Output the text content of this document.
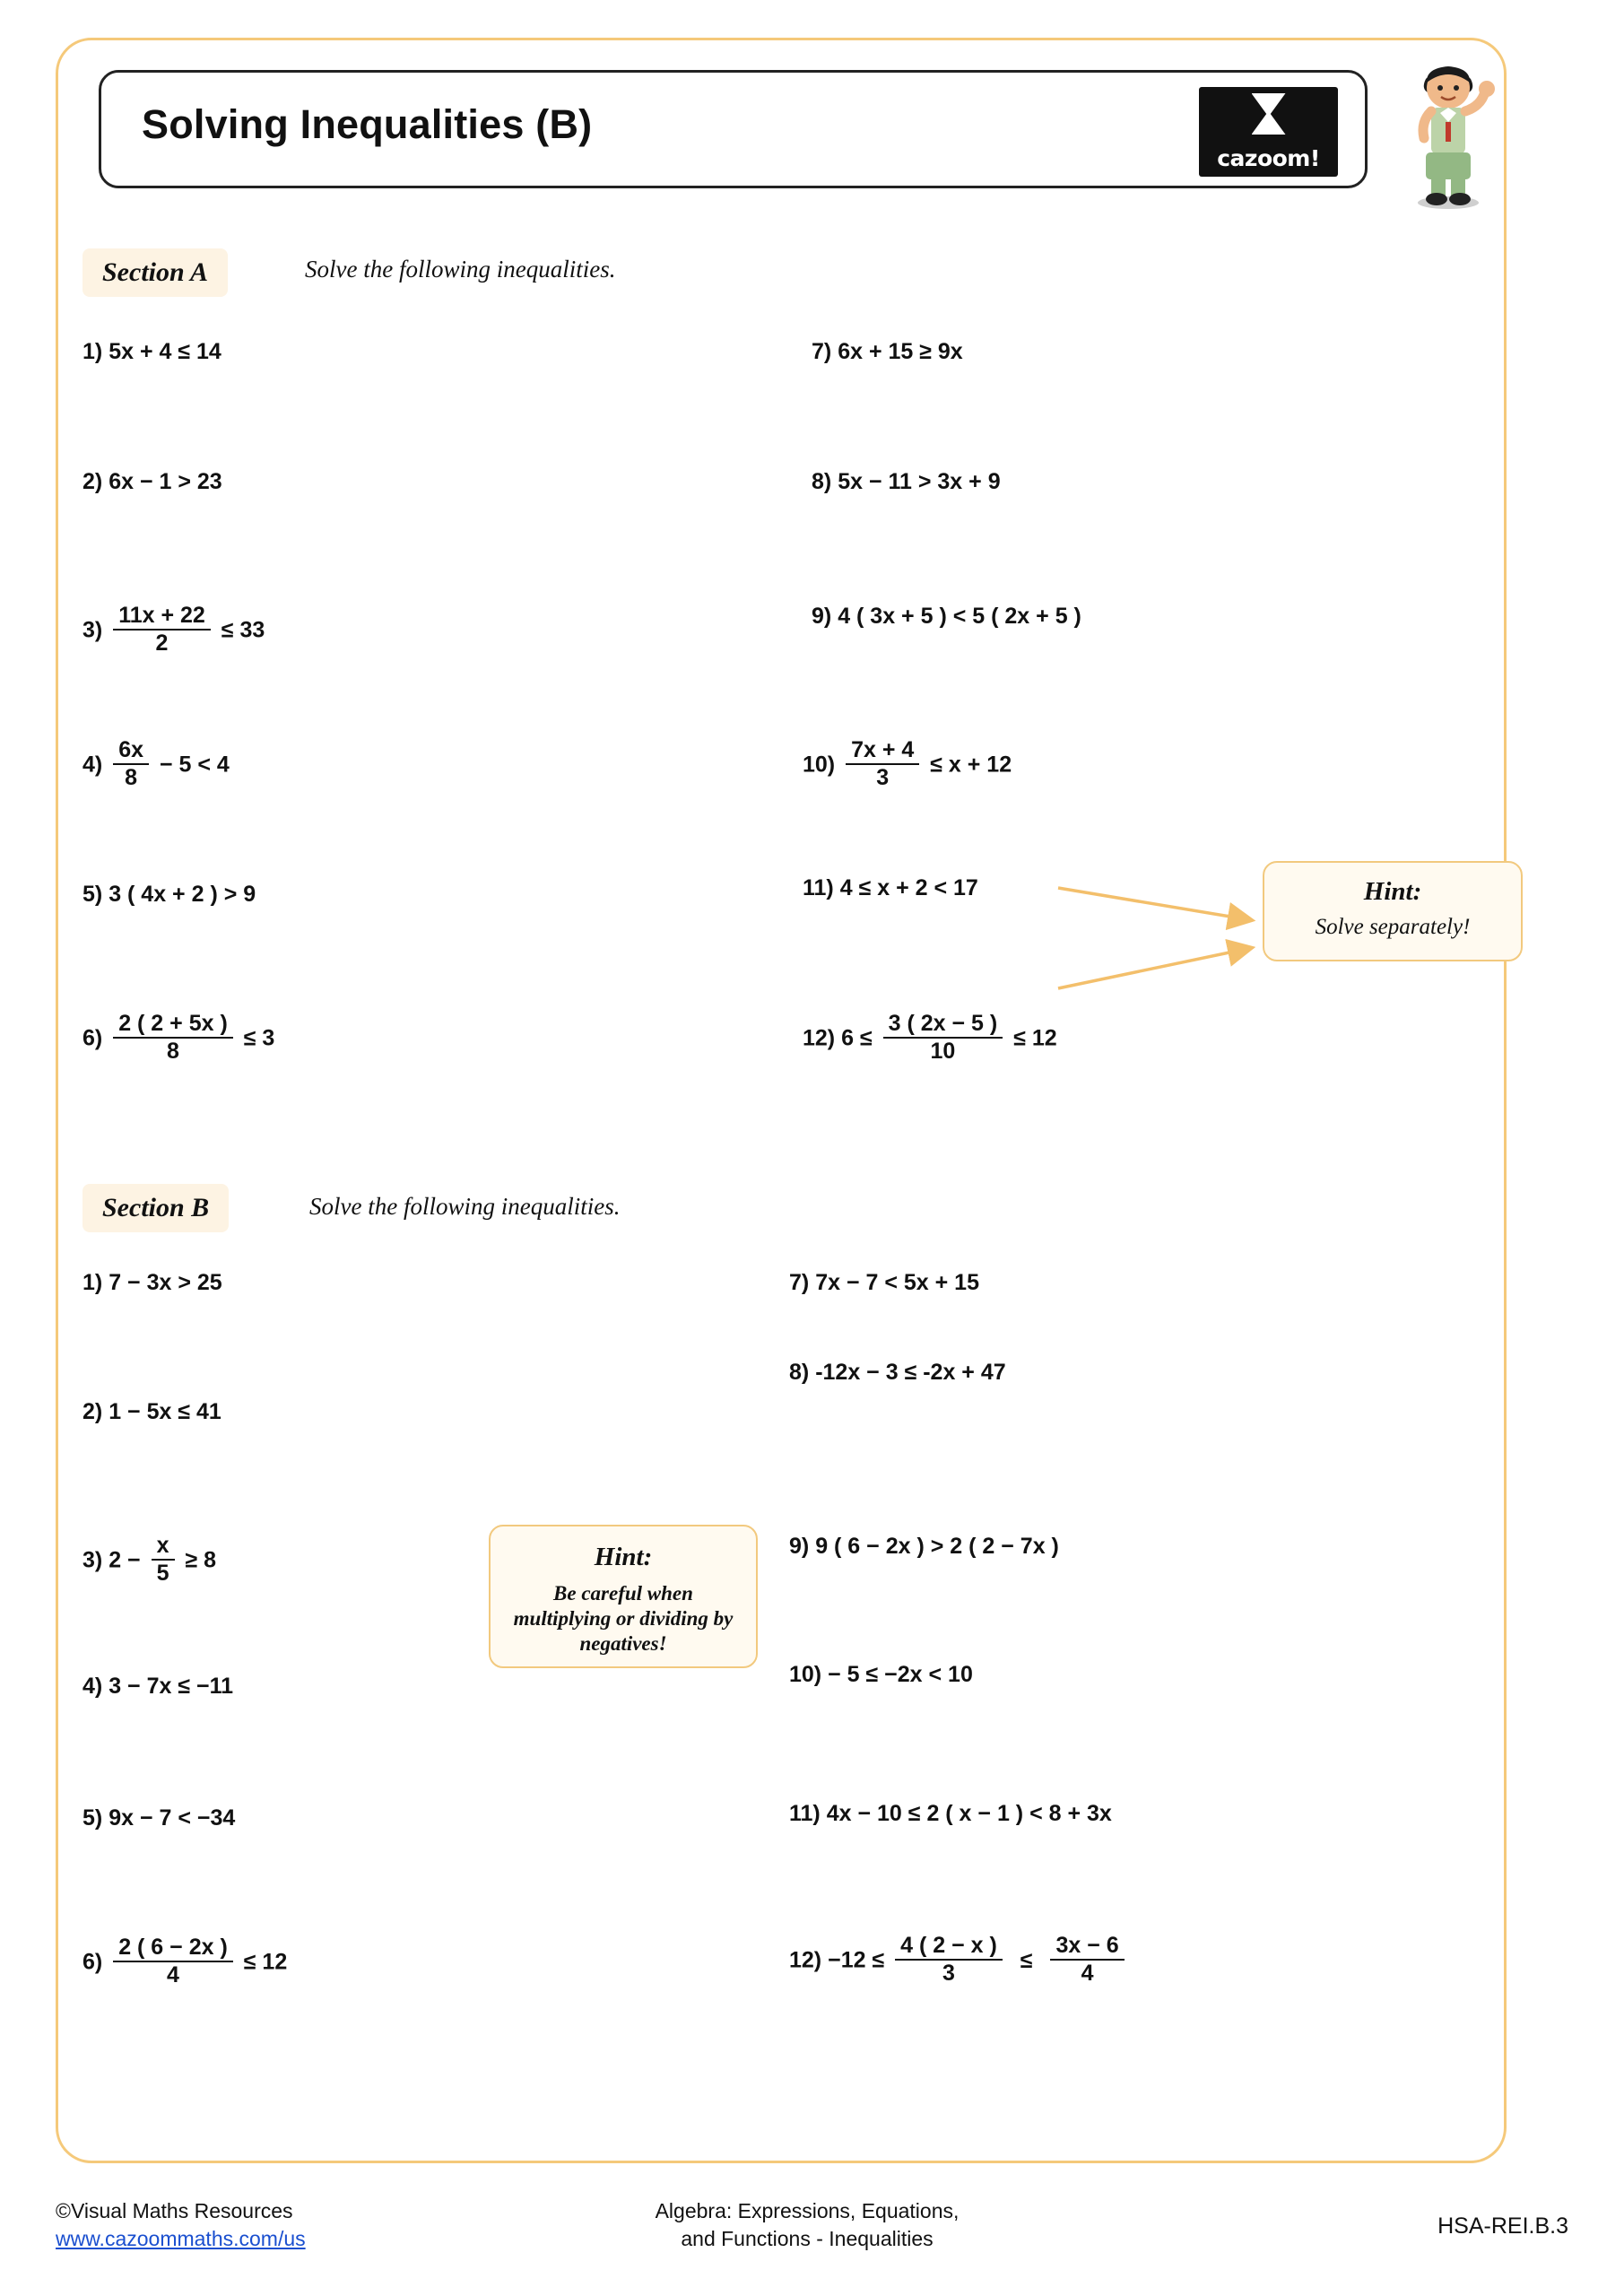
Solving Inequalities (B)
cazoom!
Section A	Solve the following inequalities.
1) 5x + 4 ≤ 14
2) 6x − 1 > 23
$3) \frac{11x + 22}{2} \le 33$
$4) \frac{6x}{8} - 5 < 4$
5) 3 ( 4x + 2 ) > 9
$6) \frac{2 ( 2 + 5x )}{8} \le 3$
7) 6x + 15 ≥ 9x
8) 5x − 11 > 3x + 9
9) 4 ( 3x + 5 ) < 5 ( 2x + 5 )
$10) \frac{7x + 4}{3} \le x + 12$
11) 4 ≤ x + 2 < 17
12) $6 \le \frac{3 ( 2x - 5 )}{10} \le 12$
Hint:
Solve separately!
Section B	Solve the following inequalities.
1) 7 − 3x > 25
2) 1 − 5x ≤ 41
3) $2 - \frac{x}{5} \ge 8$
4) 3 − 7x ≤ −11
5) 9x − 7 < −34
$6) \frac{2 ( 6 - 2x )}{4} \le 12$
Hint:
Be careful when multiplying or dividing by negatives!
7) 7x − 7 < 5x + 15
8) -12x − 3 ≤ -2x + 47
9) 9 ( 6 − 2x ) > 2 ( 2 − 7x )
10) − 5 ≤ −2x < 10
11) 4x − 10 ≤ 2 ( x − 1 ) < 8 + 3x
$12) -12 \le \frac{4 ( 2 - x )}{3} \le \frac{3x - 6}{4}$
©Visual Maths Resources
www.cazoommaths.com/us
Algebra: Expressions, Equations,
and Functions - Inequalities
HSA-REI.B.3
